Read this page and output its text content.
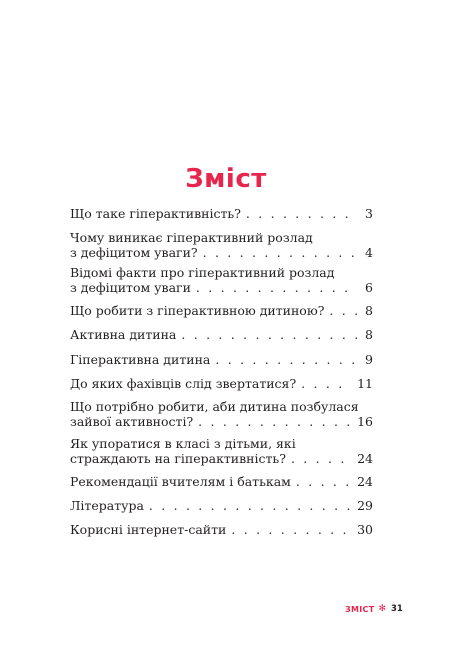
Зміст
Що таке гіперактивність? . . .	3
Чому виникає гіперактивний розлад
з дефіцитом уваги? . . .	4
Відомі факти про гіперактивний розлад
з дефіцитом уваги . . .	6
Що робити з гіперактивною дитиною? . . .	8
Активна дитина . . .	8
Гіперактивна дитина . . .	9
До яких фахівців слід звертатися? . . .	11
Що потрібно робити, аби дитина позбулася
зайвої активності? . . .	16
Як упоратися в класі з дітьми, які
страждають на гіперактивність? . . .	24
Рекомендації вчителям і батькам . . .	24
Література . . .	29
Корисні інтернет-сайти . . .	30
ЗМІСТ ✻ 31
